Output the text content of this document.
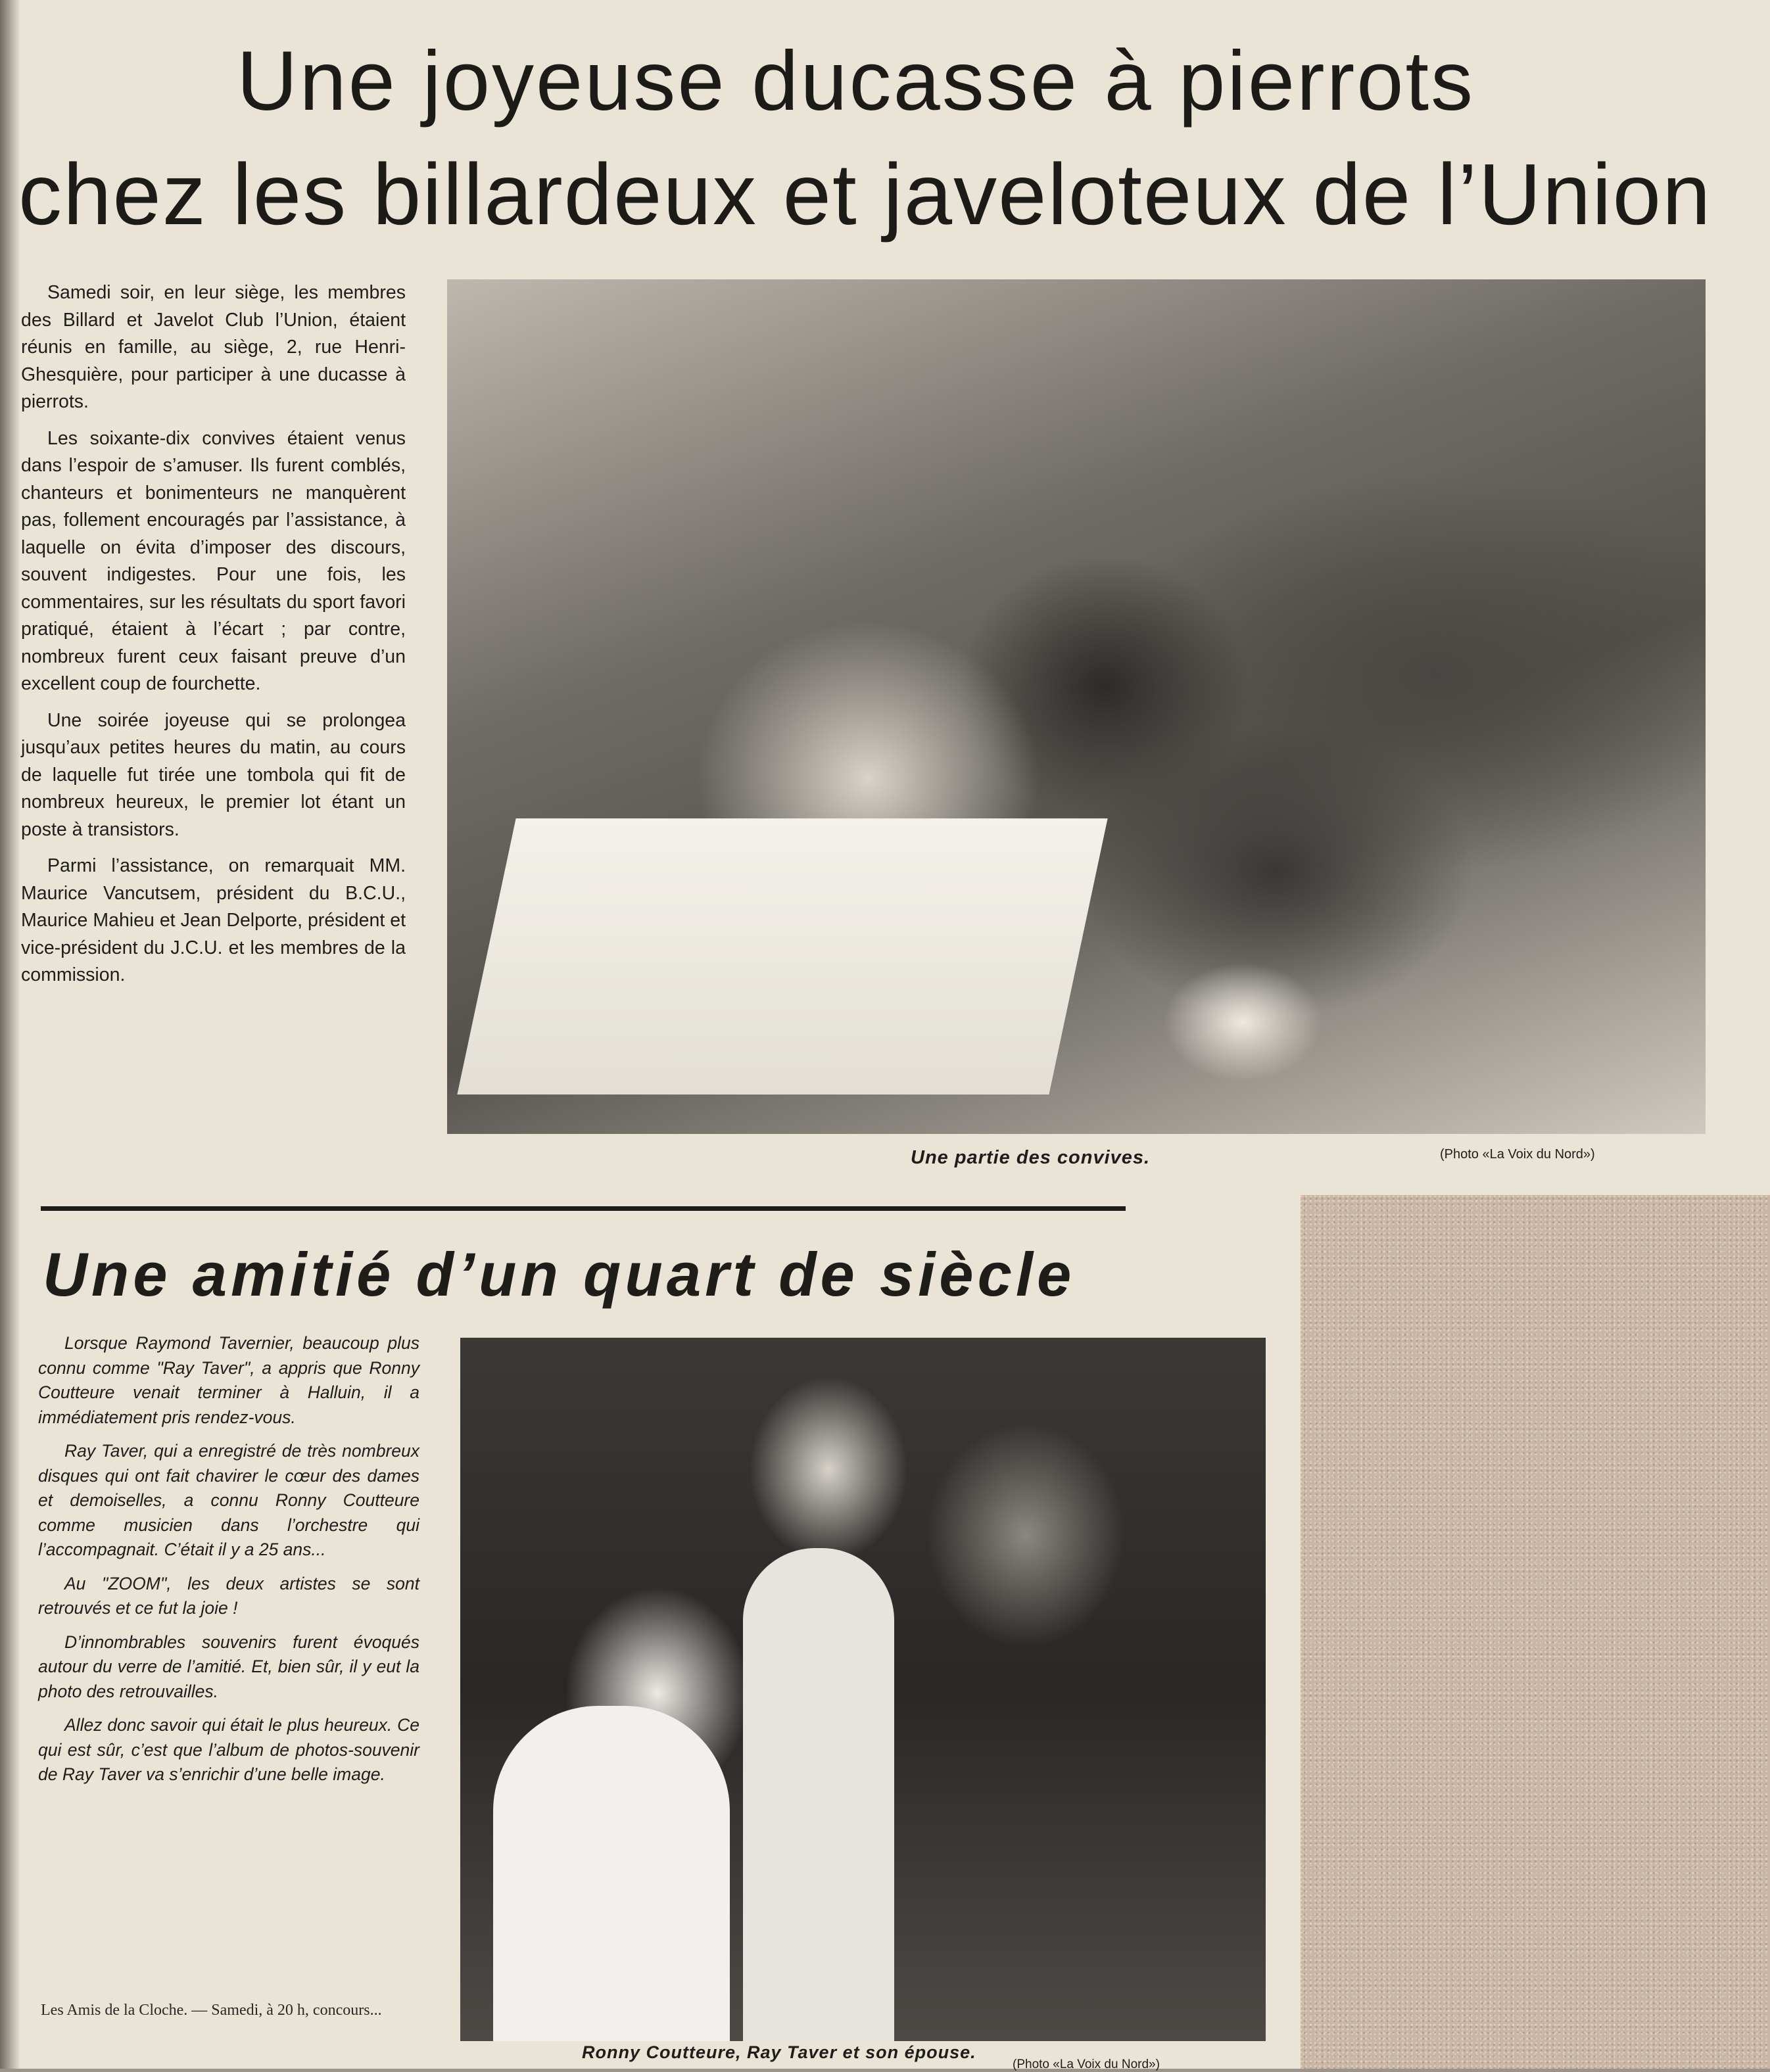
Une joyeuse ducasse à pierrots
chez les billardeux et javeloteux de l’Union

Samedi soir, en leur siège, les membres des Billard et Javelot Club l’Union, étaient réunis en famille, au siège, 2, rue Henri-Ghesquière, pour participer à une ducasse à pierrots.

Les soixante-dix convives étaient venus dans l’espoir de s’amuser. Ils furent comblés, chanteurs et bonimenteurs ne manquèrent pas, follement encouragés par l’assistance, à laquelle on évita d’imposer des discours, souvent indigestes. Pour une fois, les commentaires, sur les résultats du sport favori pratiqué, étaient à l’écart ; par contre, nombreux furent ceux faisant preuve d’un excellent coup de fourchette.

Une soirée joyeuse qui se prolongea jusqu’aux petites heures du matin, au cours de laquelle fut tirée une tombola qui fit de nombreux heureux, le premier lot étant un poste à transistors.

Parmi l’assistance, on remarquait MM. Maurice Vancutsem, président du B.C.U., Maurice Mahieu et Jean Delporte, président et vice-président du J.C.U. et les membres de la commission.

Une partie des convives.	(Photo «La Voix du Nord»)
Une amitié d’un quart de siècle

Lorsque Raymond Tavernier, beaucoup plus connu comme "Ray Taver", a appris que Ronny Coutteure venait terminer à Halluin, il a immédiatement pris rendez-vous.

Ray Taver, qui a enregistré de très nombreux disques qui ont fait chavirer le cœur des dames et demoiselles, a connu Ronny Coutteure comme musicien dans l’orchestre qui l’accompagnait. C’était il y a 25 ans...

Au "ZOOM", les deux artistes se sont retrouvés et ce fut la joie !

D’innombrables souvenirs furent évoqués autour du verre de l’amitié. Et, bien sûr, il y eut la photo des retrouvailles.

Allez donc savoir qui était le plus heureux. Ce qui est sûr, c’est que l’album de photos-souvenir de Ray Taver va s’enrichir d’une belle image.

Ronny Coutteure, Ray Taver et son épouse.
(Photo «La Voix du Nord»)

Les Amis de la Cloche. — Samedi, à 20 h, concours...
